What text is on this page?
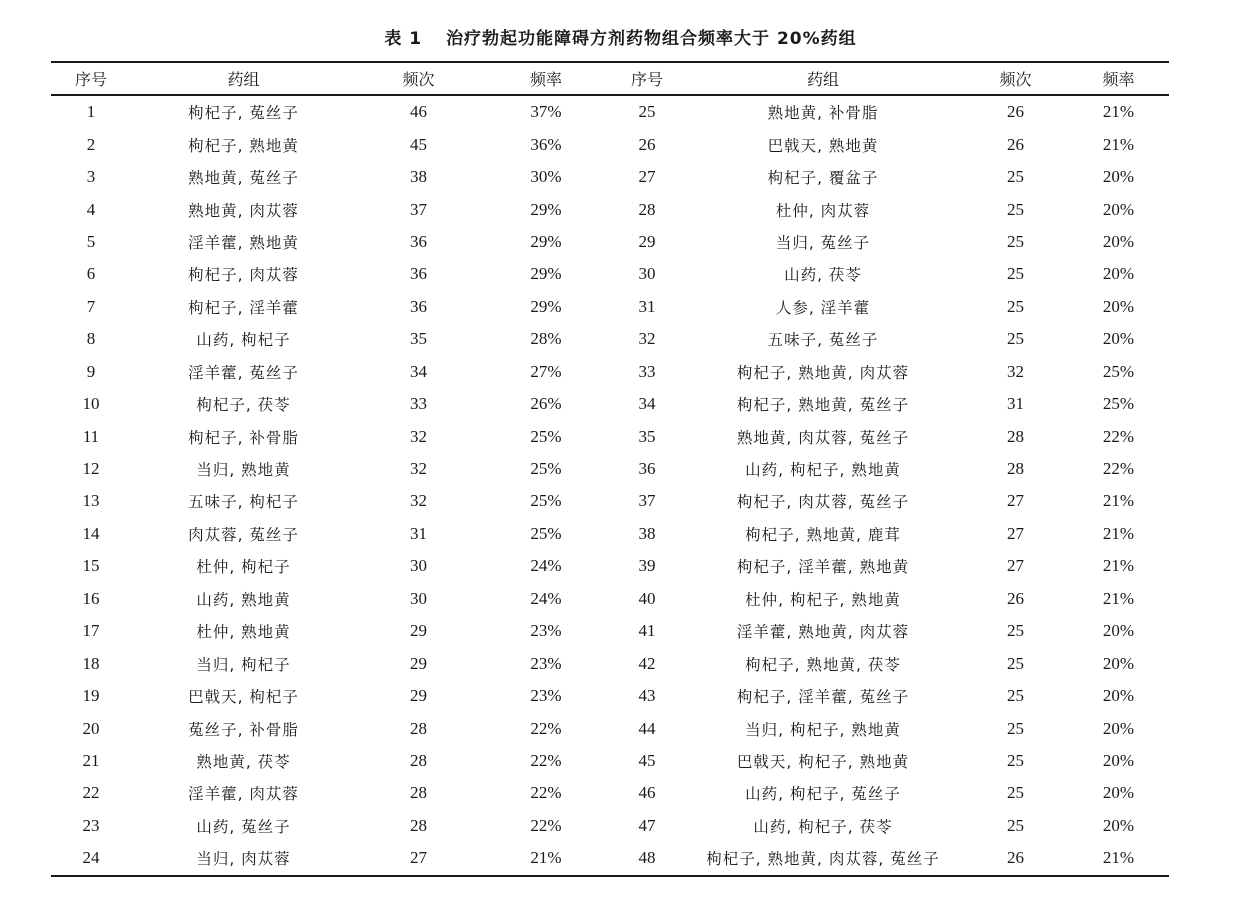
表 1 治疗勃起功能障碍方剂药物组合频率大于 20%药组
序号	药组	频次	频率	序号	药组	频次	频率
1	枸杞子, 菟丝子	46	37%	25	熟地黄, 补骨脂	26	21%
2	枸杞子, 熟地黄	45	36%	26	巴戟天, 熟地黄	26	21%
3	熟地黄, 菟丝子	38	30%	27	枸杞子, 覆盆子	25	20%
4	熟地黄, 肉苁蓉	37	29%	28	杜仲, 肉苁蓉	25	20%
5	淫羊藿, 熟地黄	36	29%	29	当归, 菟丝子	25	20%
6	枸杞子, 肉苁蓉	36	29%	30	山药, 茯苓	25	20%
7	枸杞子, 淫羊藿	36	29%	31	人参, 淫羊藿	25	20%
8	山药, 枸杞子	35	28%	32	五味子, 菟丝子	25	20%
9	淫羊藿, 菟丝子	34	27%	33	枸杞子, 熟地黄, 肉苁蓉	32	25%
10	枸杞子, 茯苓	33	26%	34	枸杞子, 熟地黄, 菟丝子	31	25%
11	枸杞子, 补骨脂	32	25%	35	熟地黄, 肉苁蓉, 菟丝子	28	22%
12	当归, 熟地黄	32	25%	36	山药, 枸杞子, 熟地黄	28	22%
13	五味子, 枸杞子	32	25%	37	枸杞子, 肉苁蓉, 菟丝子	27	21%
14	肉苁蓉, 菟丝子	31	25%	38	枸杞子, 熟地黄, 鹿茸	27	21%
15	杜仲, 枸杞子	30	24%	39	枸杞子, 淫羊藿, 熟地黄	27	21%
16	山药, 熟地黄	30	24%	40	杜仲, 枸杞子, 熟地黄	26	21%
17	杜仲, 熟地黄	29	23%	41	淫羊藿, 熟地黄, 肉苁蓉	25	20%
18	当归, 枸杞子	29	23%	42	枸杞子, 熟地黄, 茯苓	25	20%
19	巴戟天, 枸杞子	29	23%	43	枸杞子, 淫羊藿, 菟丝子	25	20%
20	菟丝子, 补骨脂	28	22%	44	当归, 枸杞子, 熟地黄	25	20%
21	熟地黄, 茯苓	28	22%	45	巴戟天, 枸杞子, 熟地黄	25	20%
22	淫羊藿, 肉苁蓉	28	22%	46	山药, 枸杞子, 菟丝子	25	20%
23	山药, 菟丝子	28	22%	47	山药, 枸杞子, 茯苓	25	20%
24	当归, 肉苁蓉	27	21%	48	枸杞子, 熟地黄, 肉苁蓉, 菟丝子	26	21%
